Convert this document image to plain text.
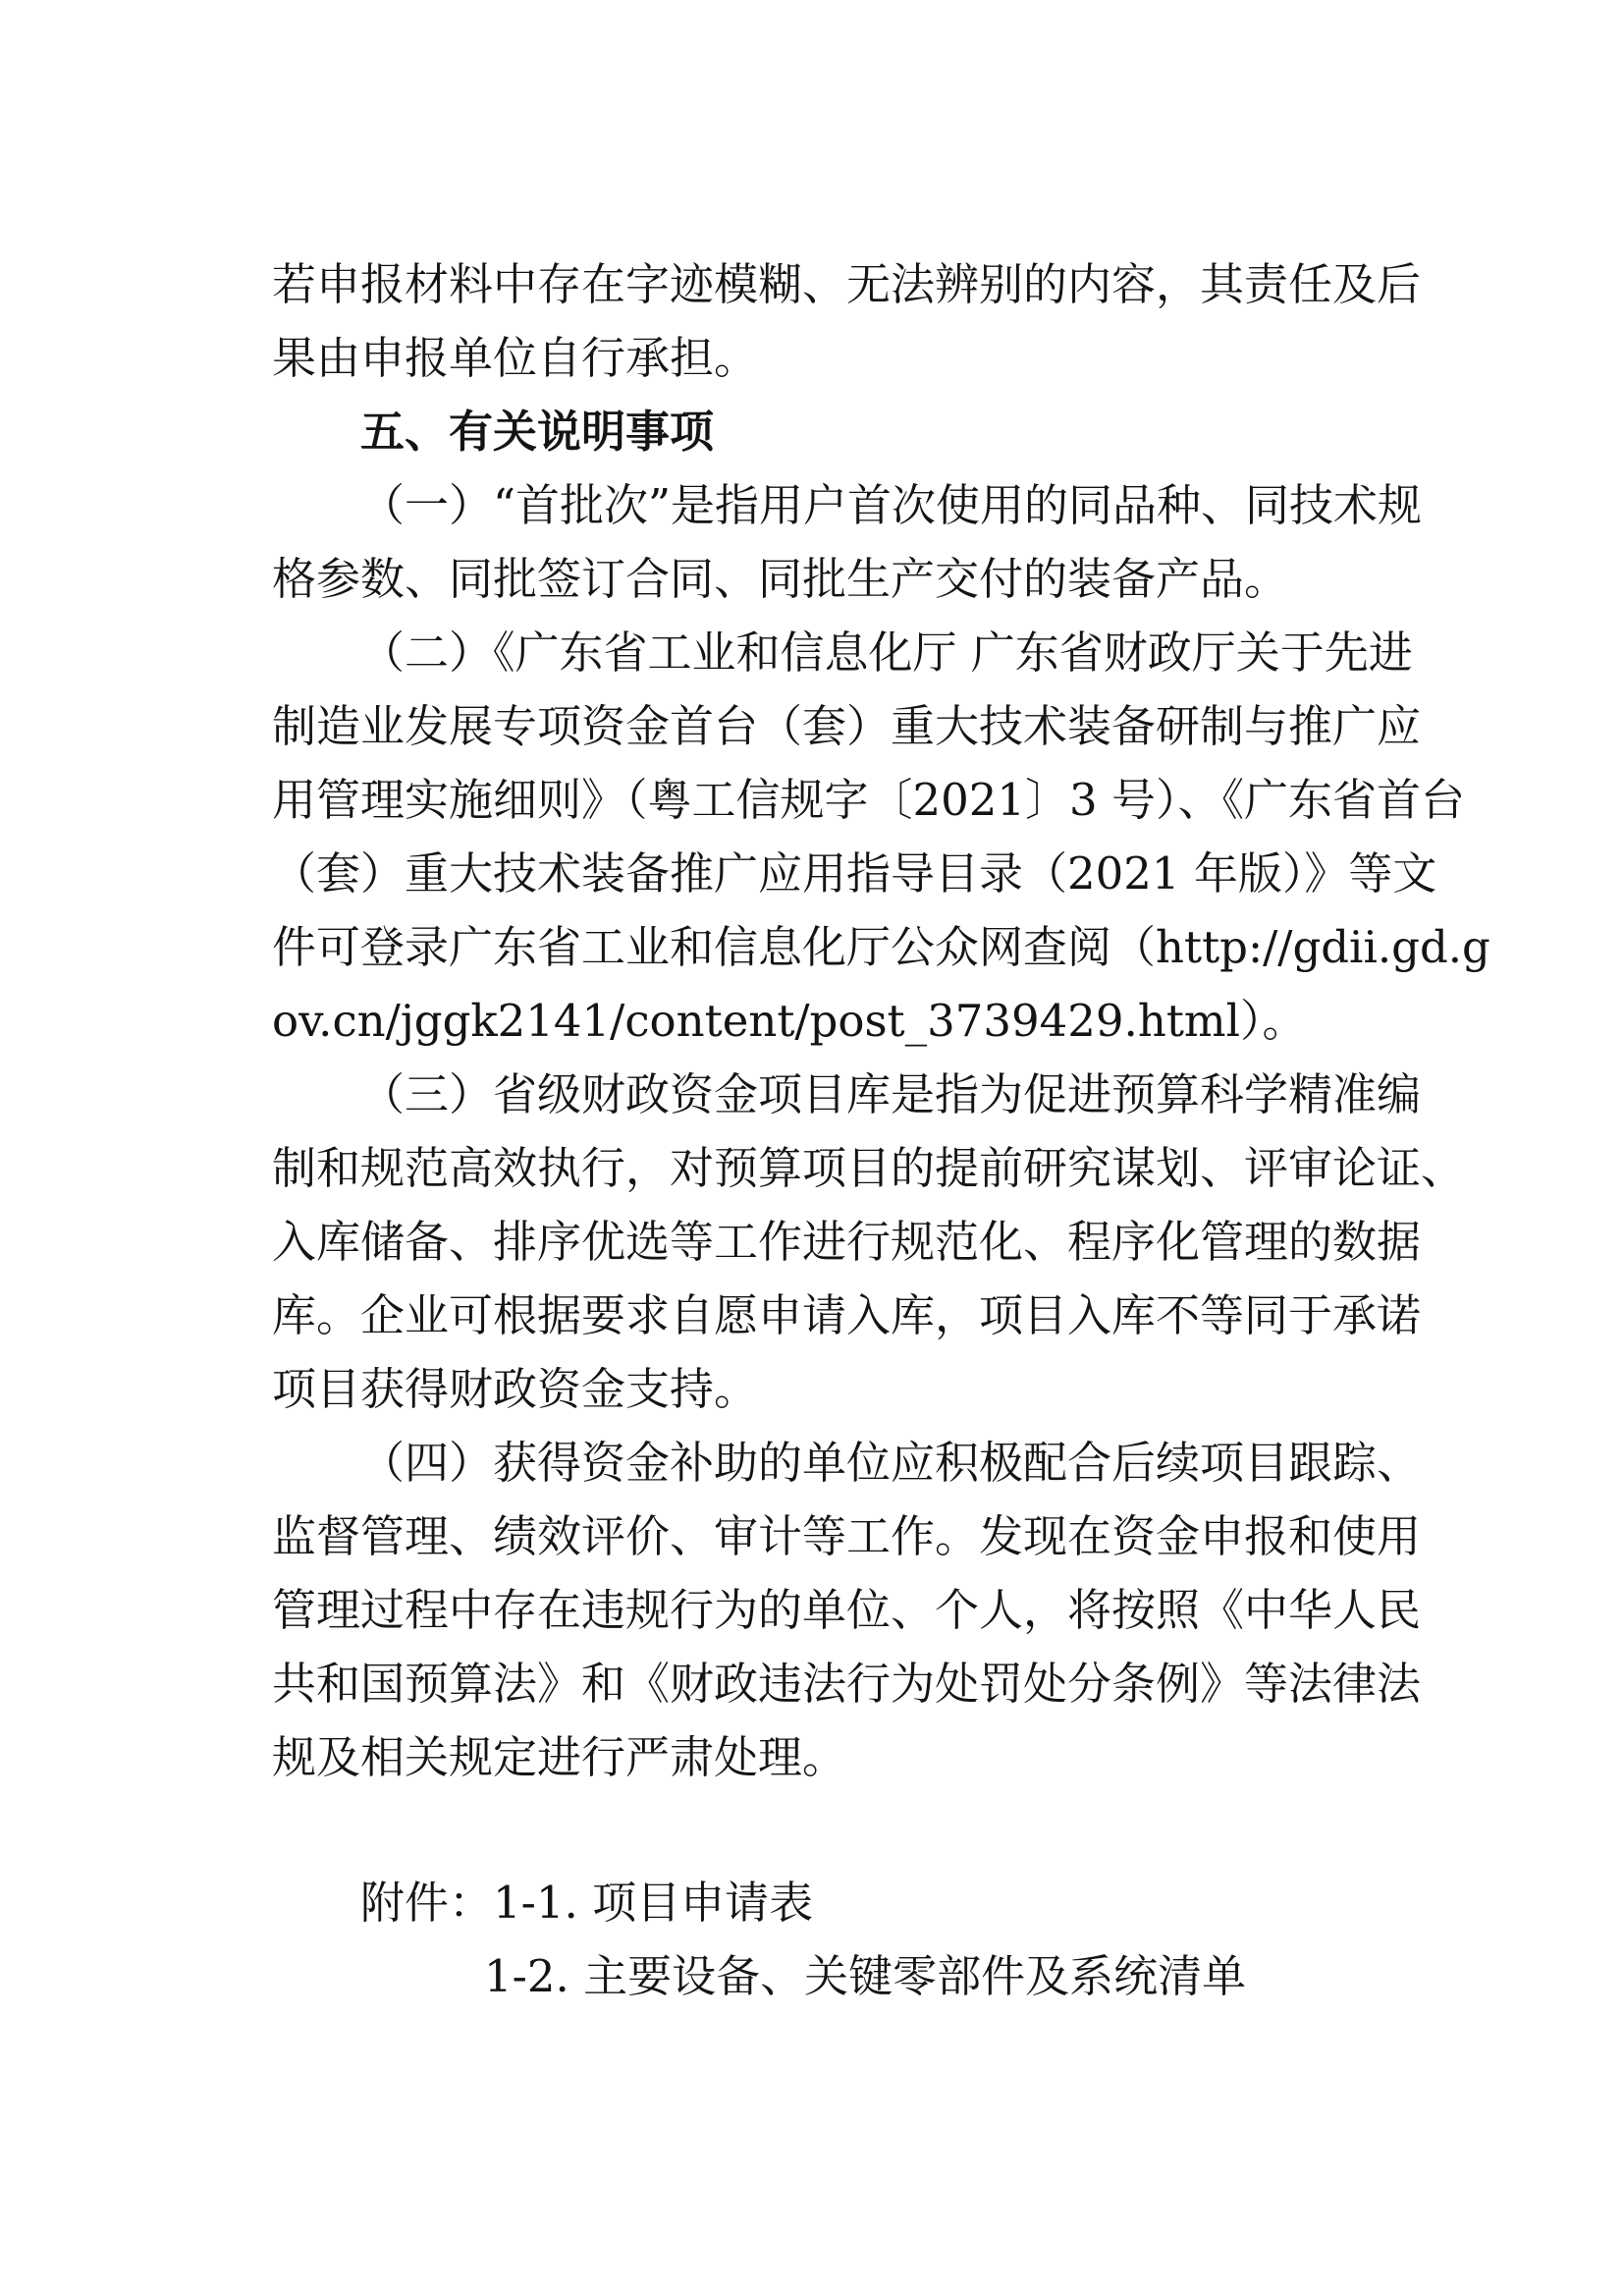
若申报材料中存在字迹模糊、无法辨别的内容，其责任及后
果由申报单位自行承担。
五、有关说明事项
（一）“首批次”是指用户首次使用的同品种、同技术规
格参数、同批签订合同、同批生产交付的装备产品。
（二）《广东省工业和信息化厅 广东省财政厅关于先进
制造业发展专项资金首台（套）重大技术装备研制与推广应
用管理实施细则》（粤工信规字〔2021〕3 号）、《广东省首台
（套）重大技术装备推广应用指导目录（2021 年版）》等文
件可登录广东省工业和信息化厅公众网查阅（http://gdii.gd.g
ov.cn/jggk2141/content/post_3739429.html）。
（三）省级财政资金项目库是指为促进预算科学精准编
制和规范高效执行，对预算项目的提前研究谋划、评审论证、
入库储备、排序优选等工作进行规范化、程序化管理的数据
库。企业可根据要求自愿申请入库，项目入库不等同于承诺
项目获得财政资金支持。
（四）获得资金补助的单位应积极配合后续项目跟踪、
监督管理、绩效评价、审计等工作。发现在资金申报和使用
管理过程中存在违规行为的单位、个人，将按照《中华人民
共和国预算法》和《财政违法行为处罚处分条例》等法律法
规及相关规定进行严肃处理。
附件：1-1. 项目申请表
1-2. 主要设备、关键零部件及系统清单
